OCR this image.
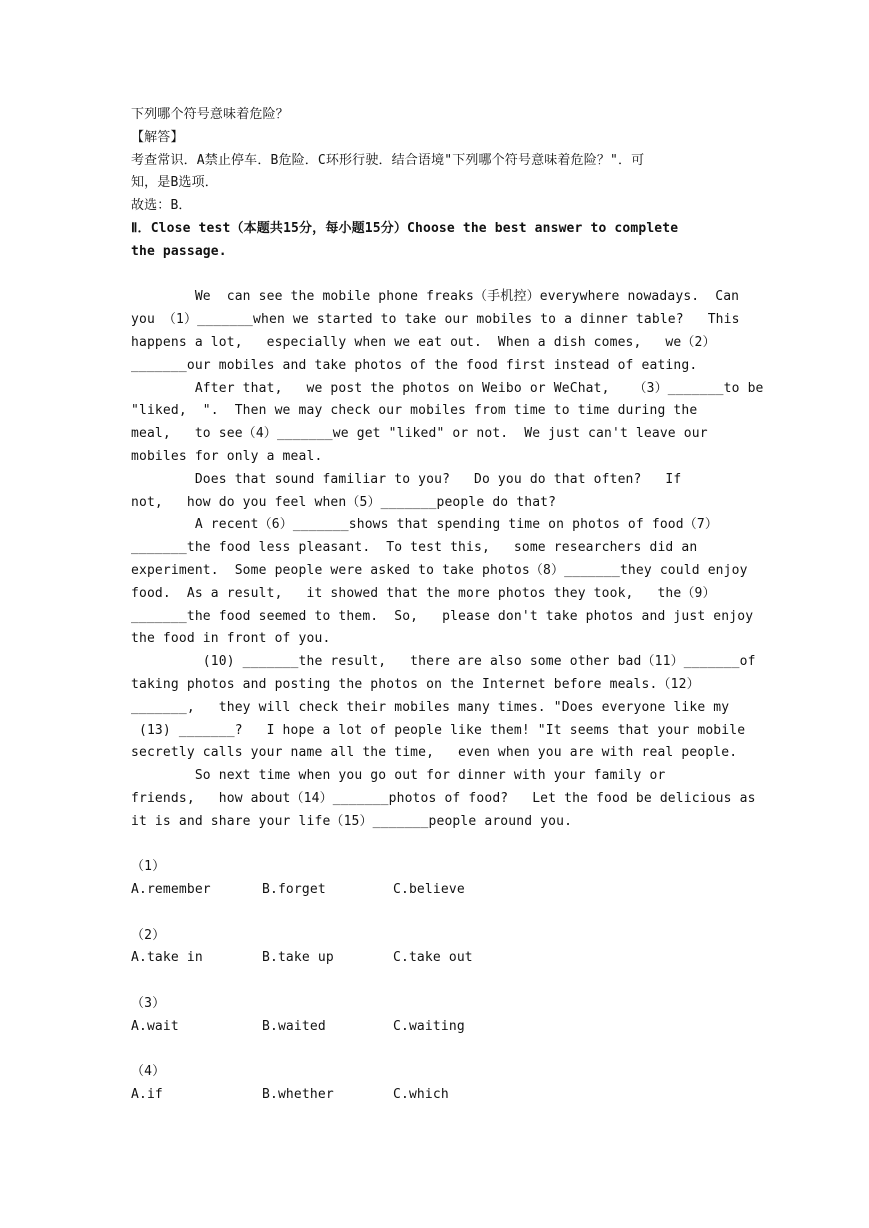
下列哪个符号意味着危险？
【解答】
考查常识．A禁止停车．B危险．C环形行驶．结合语境"下列哪个符号意味着危险？"．可
知，是B选项．
故选：B．
Ⅱ．Close test（本题共15分，每小题15分）Choose the best answer to complete
the passage.
We  can see the mobile phone freaks（手机控）everywhere nowadays.  Can
you （1）_______when we started to take our mobiles to a dinner table?   This
happens a lot,   especially when we eat out.  When a dish comes,   we（2）
_______our mobiles and take photos of the food first instead of eating.
After that,   we post the photos on Weibo or WeChat,   （3）_______to be
"liked,  ".  Then we may check our mobiles from time to time during the
meal,   to see（4）_______we get "liked" or not.  We just can't leave our
mobiles for only a meal.
Does that sound familiar to you?   Do you do that often?   If
not,   how do you feel when（5）_______people do that?
A recent（6）_______shows that spending time on photos of food（7）
_______the food less pleasant.  To test this,   some researchers did an
experiment.  Some people were asked to take photos（8）_______they could enjoy
food.  As a result,   it showed that the more photos they took,   the（9）
_______the food seemed to them.  So,   please don't take photos and just enjoy
the food in front of you.
(10) _______the result,   there are also some other bad（11）_______of
taking photos and posting the photos on the Internet before meals.（12）
_______,   they will check their mobiles many times. "Does everyone like my
(13) _______?   I hope a lot of people like them! "It seems that your mobile
secretly calls your name all the time,   even when you are with real people.
So next time when you go out for dinner with your family or
friends,   how about（14）_______photos of food?   Let the food be delicious as
it is and share your life（15）_______people around you.
（1）
A.remember	B.forget	C.believe
（2）
A.take in	B.take up	C.take out
（3）
A.wait	B.waited	C.waiting
（4）
A.if	B.whether	C.which
